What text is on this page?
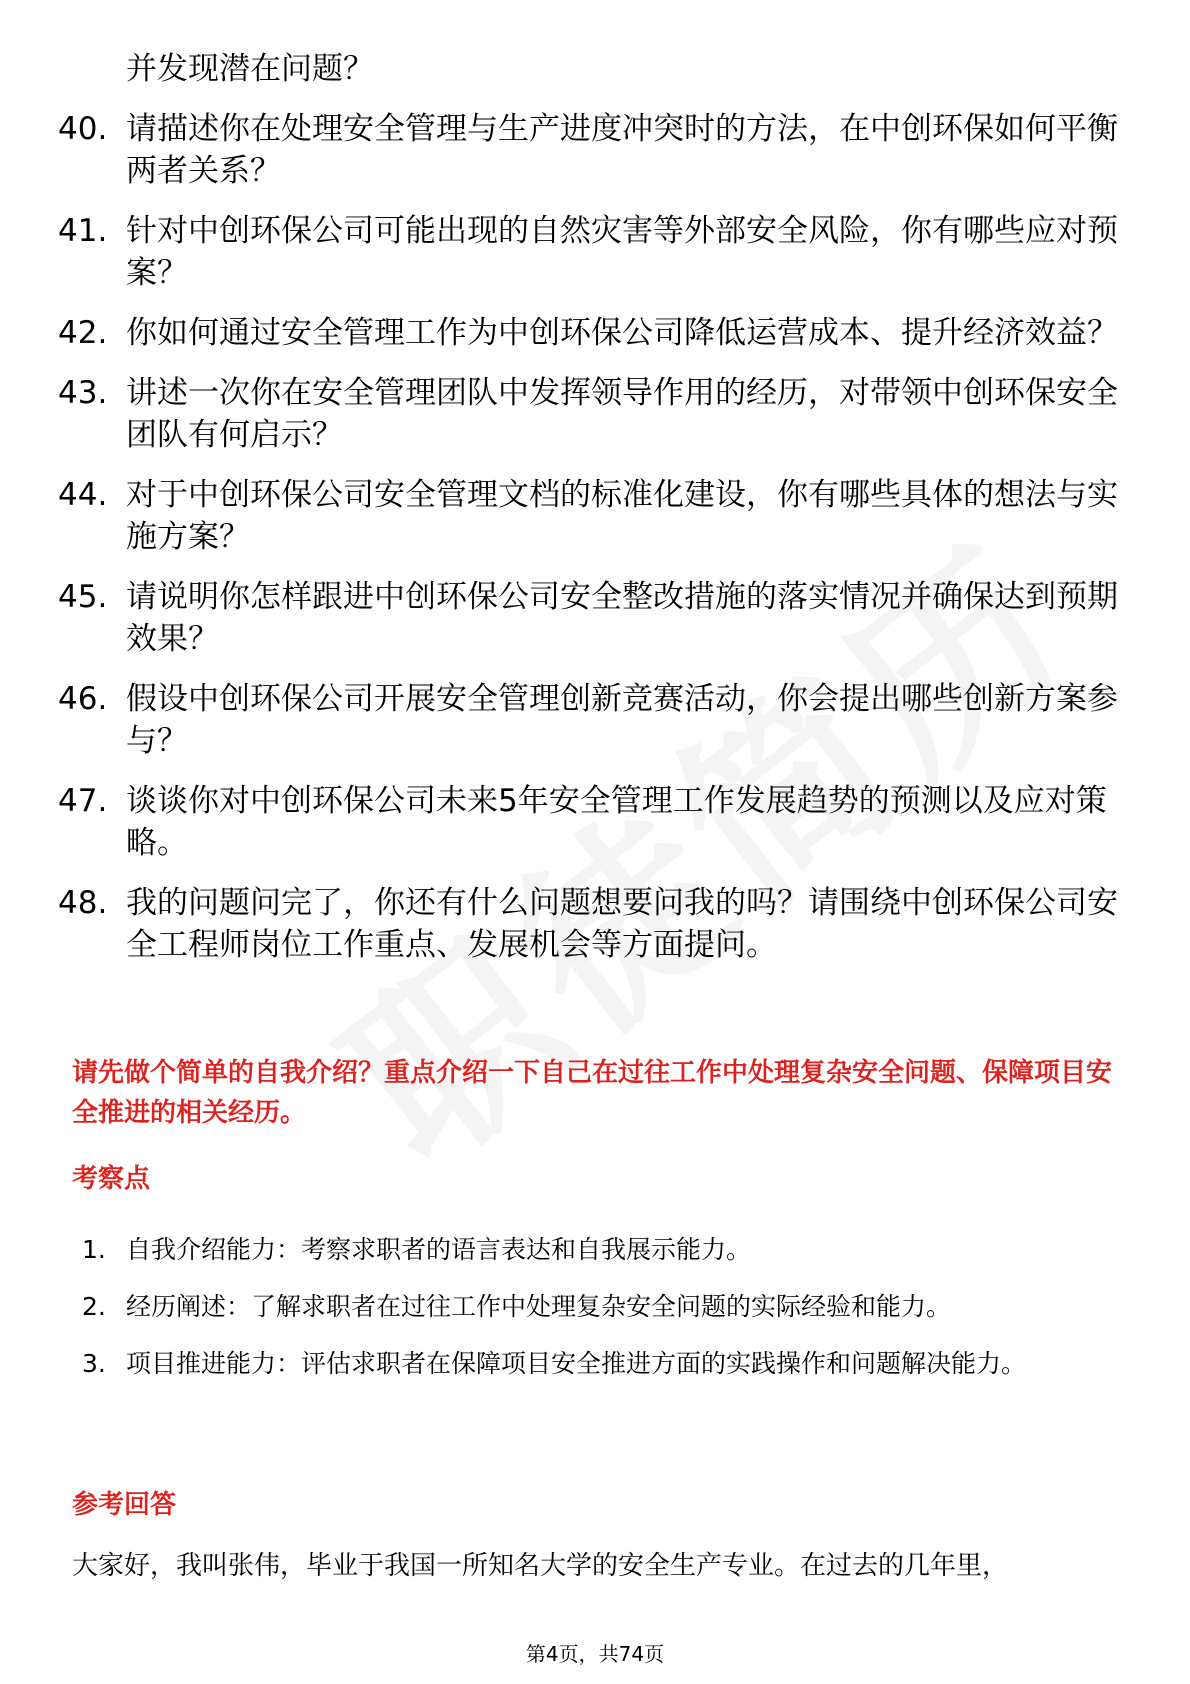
并发现潜在问题？
40. 请描述你在处理安全管理与生产进度冲突时的方法，在中创环保如何平衡两者关系？
41. 针对中创环保公司可能出现的自然灾害等外部安全风险，你有哪些应对预案？
42. 你如何通过安全管理工作为中创环保公司降低运营成本、提升经济效益？
43. 讲述一次你在安全管理团队中发挥领导作用的经历，对带领中创环保安全团队有何启示？
44. 对于中创环保公司安全管理文档的标准化建设，你有哪些具体的想法与实施方案？
45. 请说明你怎样跟进中创环保公司安全整改措施的落实情况并确保达到预期效果？
46. 假设中创环保公司开展安全管理创新竞赛活动，你会提出哪些创新方案参与？
47. 谈谈你对中创环保公司未来5年安全管理工作发展趋势的预测以及应对策略。
48. 我的问题问完了，你还有什么问题想要问我的吗？请围绕中创环保公司安全工程师岗位工作重点、发展机会等方面提问。
请先做个简单的自我介绍？重点介绍一下自己在过往工作中处理复杂安全问题、保障项目安全推进的相关经历。
考察点
1. 自我介绍能力：考察求职者的语言表达和自我展示能力。
2. 经历阐述：了解求职者在过往工作中处理复杂安全问题的实际经验和能力。
3. 项目推进能力：评估求职者在保障项目安全推进方面的实践操作和问题解决能力。
参考回答
大家好，我叫张伟，毕业于我国一所知名大学的安全生产专业。在过去的几年里，
第4页，共74页
